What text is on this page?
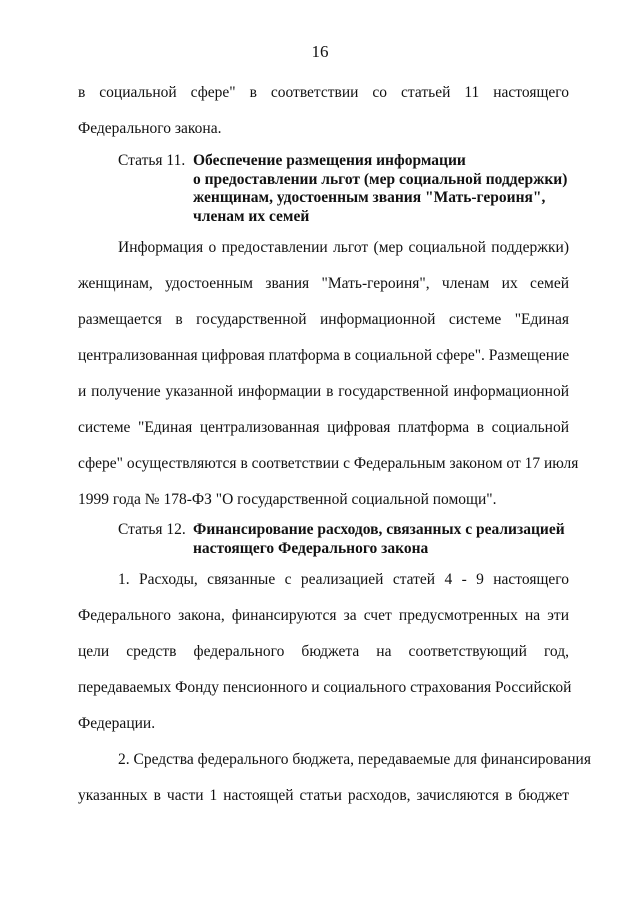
16
в социальной сфере" в соответствии со статьей 11 настоящего
Федерального закона.
Статья 11. Обеспечение размещения информации
о предоставлении льгот (мер социальной поддержки)
женщинам, удостоенным звания "Мать-героиня",
членам их семей
Информация о предоставлении льгот (мер социальной поддержки)
женщинам, удостоенным звания "Мать-героиня", членам их семей
размещается в государственной информационной системе "Единая
централизованная цифровая платформа в социальной сфере". Размещение
и получение указанной информации в государственной информационной
системе "Единая централизованная цифровая платформа в социальной
сфере" осуществляются в соответствии с Федеральным законом от 17 июля
1999 года № 178-ФЗ "О государственной социальной помощи".
Статья 12. Финансирование расходов, связанных с реализацией
настоящего Федерального закона
1. Расходы, связанные с реализацией статей 4 - 9 настоящего
Федерального закона, финансируются за счет предусмотренных на эти
цели средств федерального бюджета на соответствующий год,
передаваемых Фонду пенсионного и социального страхования Российской
Федерации.
2. Средства федерального бюджета, передаваемые для финансирования
указанных в части 1 настоящей статьи расходов, зачисляются в бюджет
